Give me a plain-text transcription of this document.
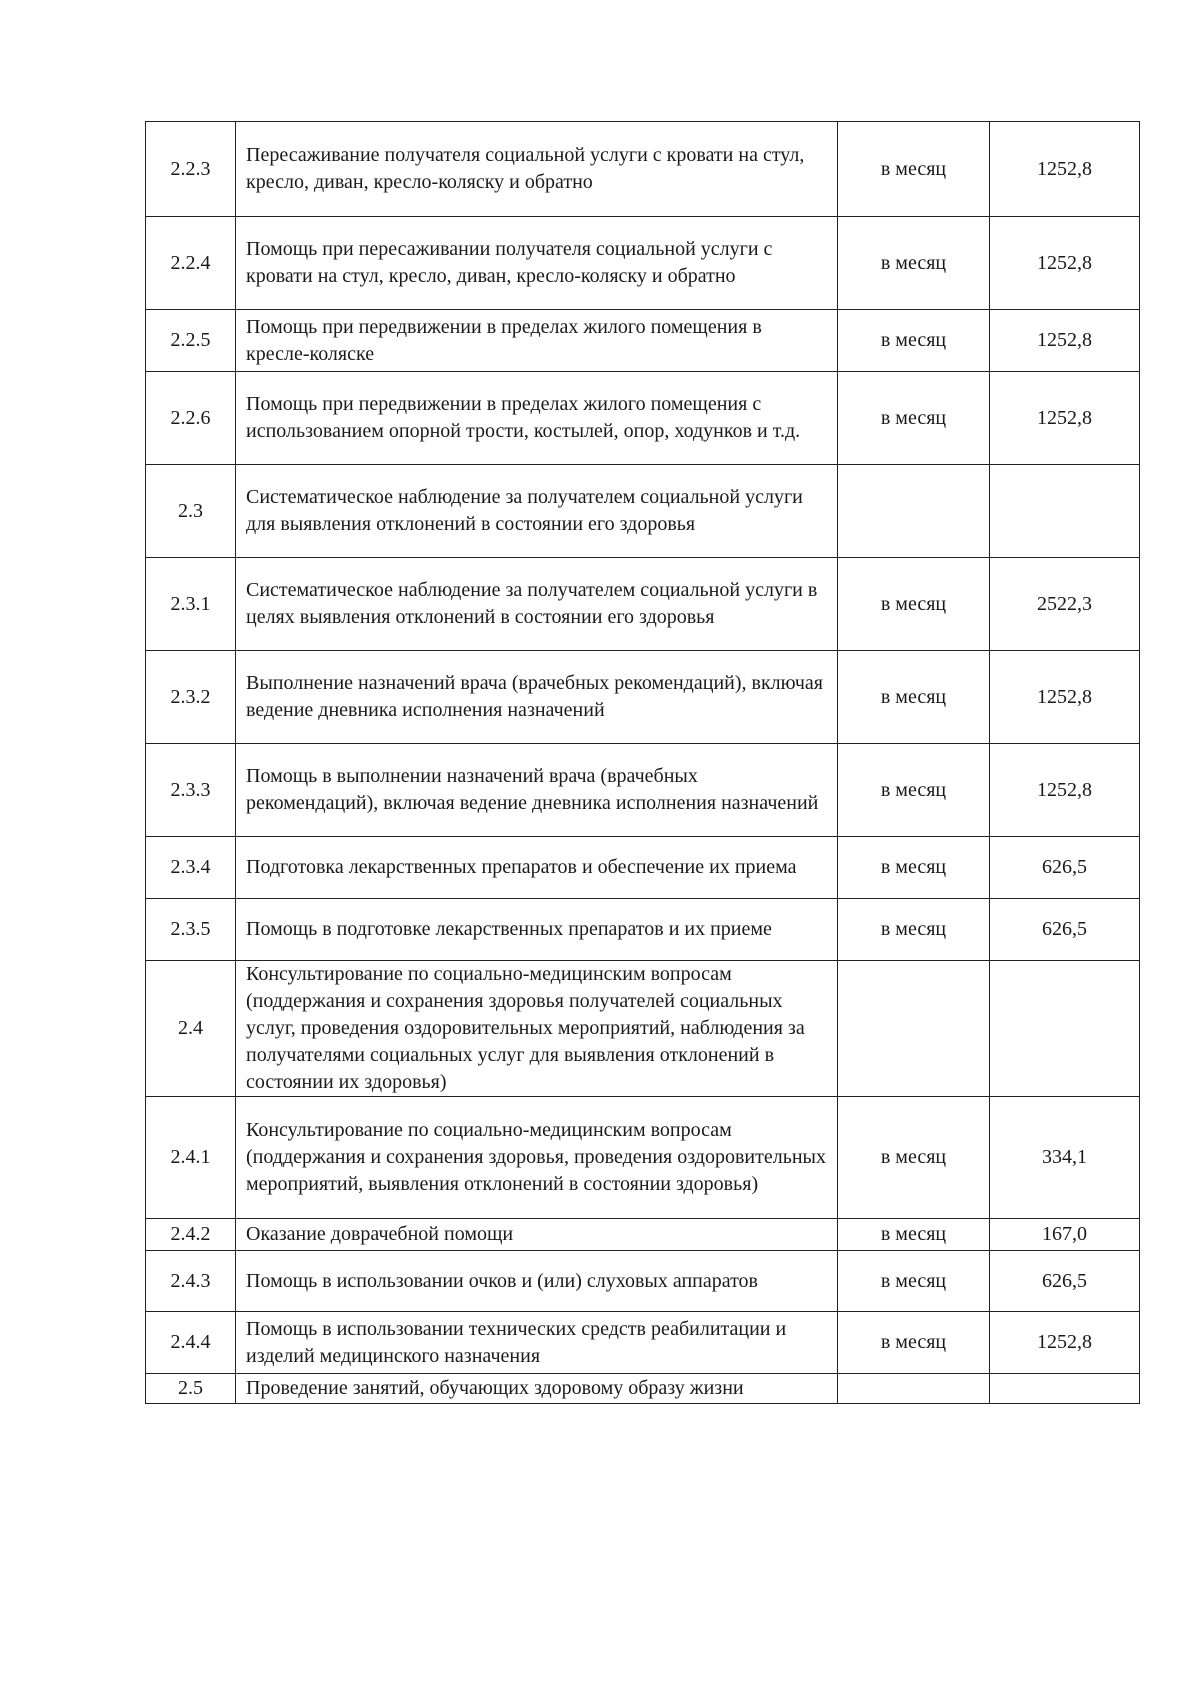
2.2.3	Пересаживание получателя социальной услуги с кровати на стул, кресло, диван, кресло-коляску и обратно	в месяц	1252,8
2.2.4	Помощь при пересаживании получателя социальной услуги с кровати на стул, кресло, диван, кресло-коляску и обратно	в месяц	1252,8
2.2.5	Помощь при передвижении в пределах жилого помещения в кресле-коляске	в месяц	1252,8
2.2.6	Помощь при передвижении в пределах жилого помещения с использованием опорной трости, костылей, опор, ходунков и т.д.	в месяц	1252,8
2.3	Систематическое наблюдение за получателем социальной услуги для выявления отклонений в состоянии его здоровья		
2.3.1	Систематическое наблюдение за получателем социальной услуги в целях выявления отклонений в состоянии его здоровья	в месяц	2522,3
2.3.2	Выполнение назначений врача (врачебных рекомендаций), включая ведение дневника исполнения назначений	в месяц	1252,8
2.3.3	Помощь в выполнении назначений врача (врачебных рекомендаций), включая ведение дневника исполнения назначений	в месяц	1252,8
2.3.4	Подготовка лекарственных препаратов и обеспечение их приема	в месяц	626,5
2.3.5	Помощь в подготовке лекарственных препаратов и их приеме	в месяц	626,5
2.4	Консультирование по социально-медицинским вопросам (поддержания и сохранения здоровья получателей социальных услуг, проведения оздоровительных мероприятий, наблюдения за получателями социальных услуг для выявления отклонений в состоянии их здоровья)		
2.4.1	Консультирование по социально-медицинским вопросам (поддержания и сохранения здоровья, проведения оздоровительных мероприятий, выявления отклонений в состоянии здоровья)	в месяц	334,1
2.4.2	Оказание доврачебной помощи	в месяц	167,0
2.4.3	Помощь в использовании очков и (или) слуховых аппаратов	в месяц	626,5
2.4.4	Помощь в использовании технических средств реабилитации и изделий медицинского назначения	в месяц	1252,8
2.5	Проведение занятий, обучающих здоровому образу жизни		
